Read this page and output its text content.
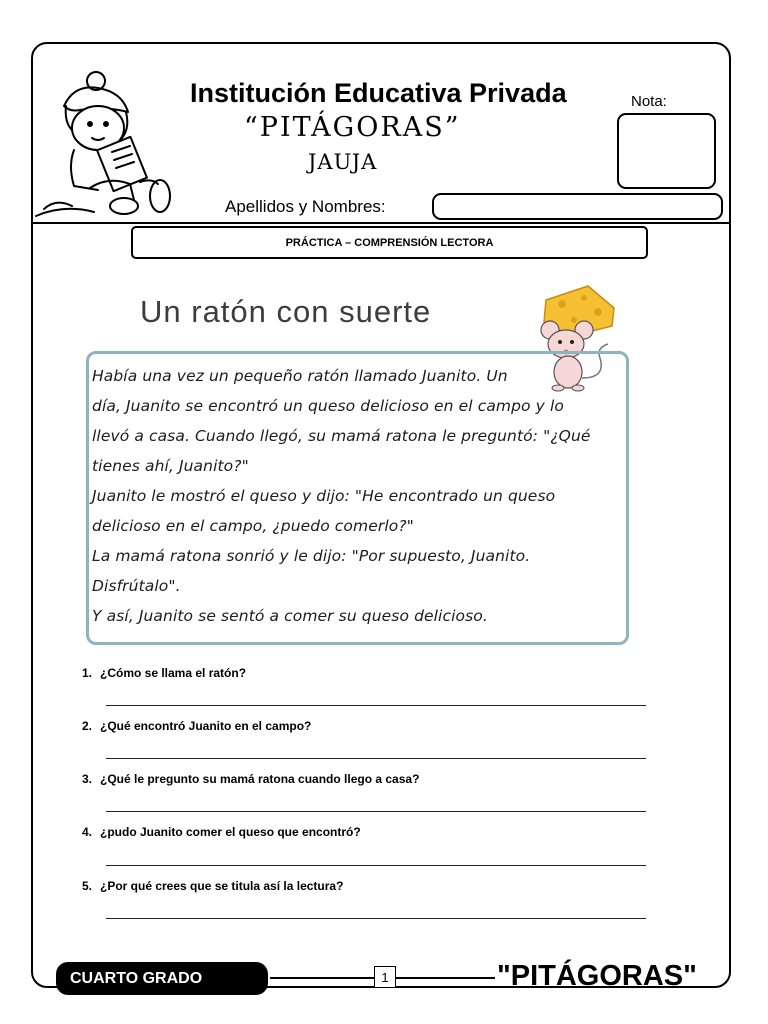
Institución Educativa Privada	Nota:
“PITÁGORAS”
JAUJA
Apellidos y Nombres:
PRÁCTICA – COMPRENSIÓN LECTORA
Un ratón con suerte
Había una vez un pequeño ratón llamado Juanito. Un
día, Juanito se encontró un queso delicioso en el campo y lo
llevó a casa. Cuando llegó, su mamá ratona le preguntó: "¿Qué
tienes ahí, Juanito?"
Juanito le mostró el queso y dijo: "He encontrado un queso
delicioso en el campo, ¿puedo comerlo?"
La mamá ratona sonrió y le dijo: "Por supuesto, Juanito.
Disfrútalo".
Y así, Juanito se sentó a comer su queso delicioso.
1. ¿Cómo se llama el ratón?
2. ¿Qué encontró Juanito en el campo?
3. ¿Qué le pregunto su mamá ratona cuando llego a casa?
4. ¿pudo Juanito comer el queso que encontró?
5. ¿Por qué crees que se titula así la lectura?
CUARTO GRADO	1	"PITÁGORAS"
